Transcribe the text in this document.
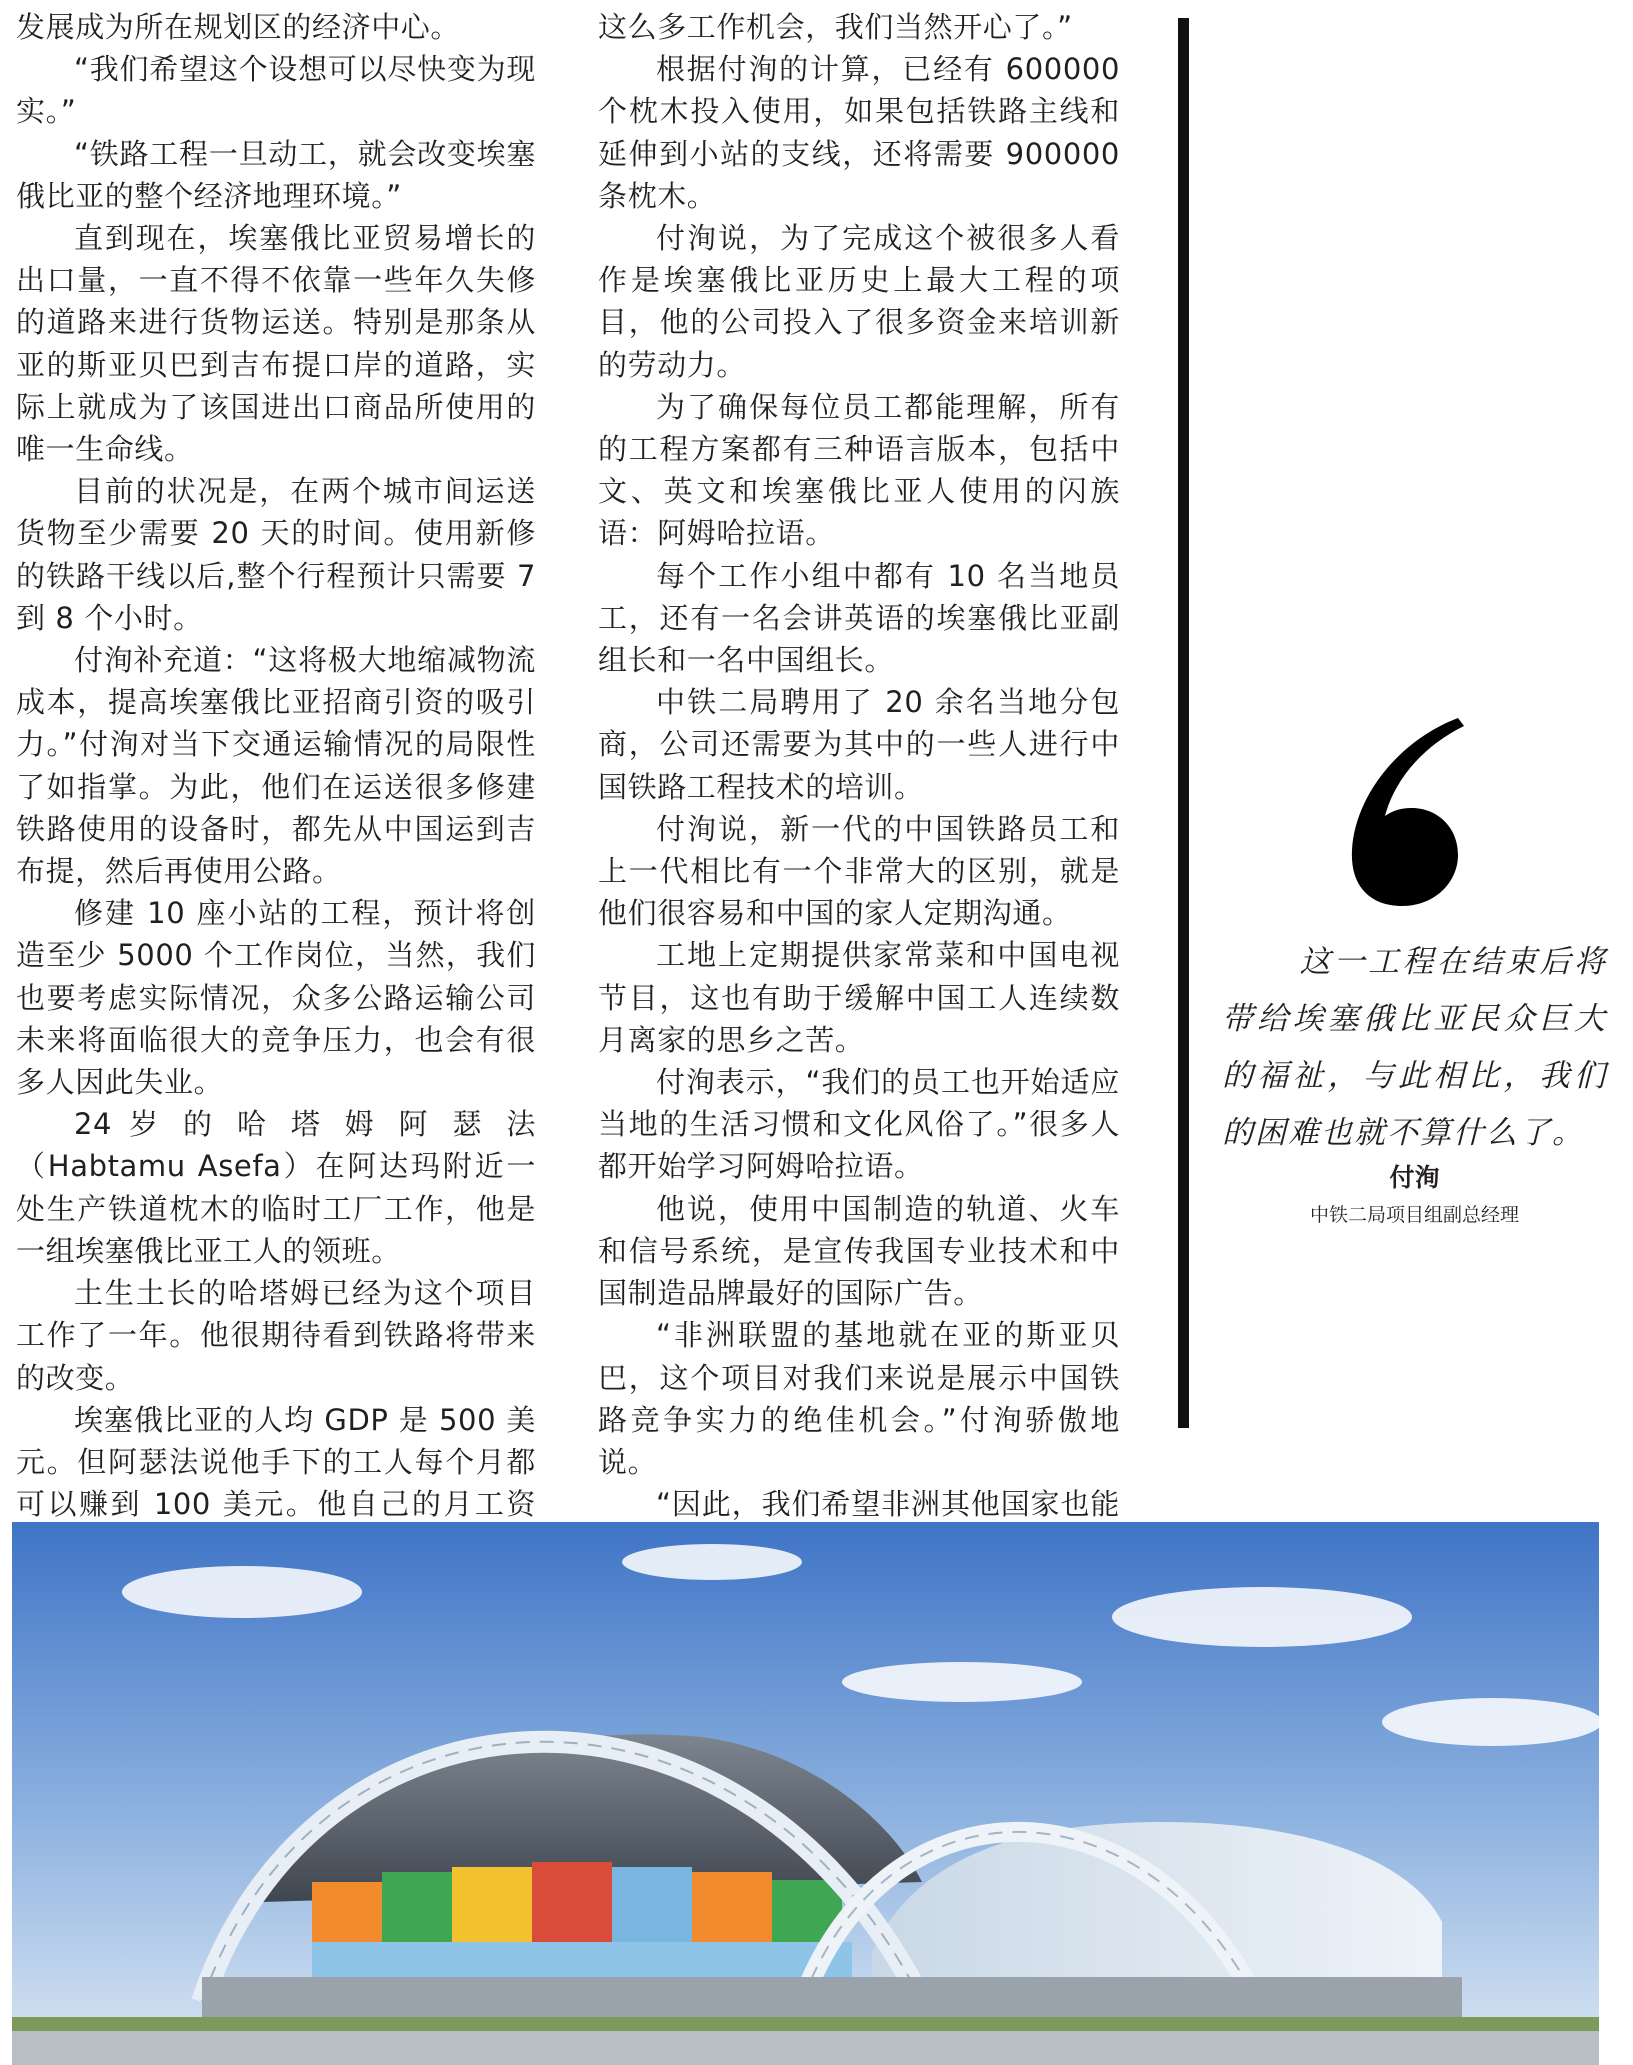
发展成为所在规划区的经济中心。

“我们希望这个设想可以尽快变为现实。”

“铁路工程一旦动工，就会改变埃塞俄比亚的整个经济地理环境。”

直到现在，埃塞俄比亚贸易增长的出口量，一直不得不依靠一些年久失修的道路来进行货物运送。特别是那条从亚的斯亚贝巴到吉布提口岸的道路，实际上就成为了该国进出口商品所使用的唯一生命线。

目前的状况是，在两个城市间运送货物至少需要 20 天的时间。使用新修的铁路干线以后,整个行程预计只需要 7 到 8 个小时。

付洵补充道：“这将极大地缩减物流成本，提高埃塞俄比亚招商引资的吸引力。”付洵对当下交通运输情况的局限性了如指掌。为此，他们在运送很多修建铁路使用的设备时，都先从中国运到吉布提，然后再使用公路。

修建 10 座小站的工程，预计将创造至少 5000 个工作岗位，当然，我们也要考虑实际情况，众多公路运输公司未来将面临很大的竞争压力，也会有很多人因此失业。

24 岁 的 哈 塔 姆 阿 瑟 法（Habtamu Asefa）在阿达玛附近一处生产铁道枕木的临时工厂工作，他是一组埃塞俄比亚工人的领班。

土生土长的哈塔姆已经为这个项目工作了一年。他很期待看到铁路将带来的改变。

埃塞俄比亚的人均 GDP 是 500 美元。但阿瑟法说他手下的工人每个月都可以赚到 100 美元。他自己的月工资

这么多工作机会，我们当然开心了。”

根据付洵的计算，已经有 600000 个枕木投入使用，如果包括铁路主线和延伸到小站的支线，还将需要 900000 条枕木。

付洵说，为了完成这个被很多人看作是埃塞俄比亚历史上最大工程的项目，他的公司投入了很多资金来培训新的劳动力。

为了确保每位员工都能理解，所有的工程方案都有三种语言版本，包括中文、英文和埃塞俄比亚人使用的闪族语：阿姆哈拉语。

每个工作小组中都有 10 名当地员工，还有一名会讲英语的埃塞俄比亚副组长和一名中国组长。

中铁二局聘用了 20 余名当地分包商，公司还需要为其中的一些人进行中国铁路工程技术的培训。

付洵说，新一代的中国铁路员工和上一代相比有一个非常大的区别，就是他们很容易和中国的家人定期沟通。

工地上定期提供家常菜和中国电视节目，这也有助于缓解中国工人连续数月离家的思乡之苦。

付洵表示，“我们的员工也开始适应当地的生活习惯和文化风俗了。”很多人都开始学习阿姆哈拉语。

他说，使用中国制造的轨道、火车和信号系统，是宣传我国专业技术和中国制造品牌最好的国际广告。

“非洲联盟的基地就在亚的斯亚贝巴，这个项目对我们来说是展示中国铁路竞争实力的绝佳机会。”付洵骄傲地说。

“因此，我们希望非洲其他国家也能

这一工程在结束后将带给埃塞俄比亚民众巨大的福祉，与此相比，我们的困难也就不算什么了。

付洵
中铁二局项目组副总经理
